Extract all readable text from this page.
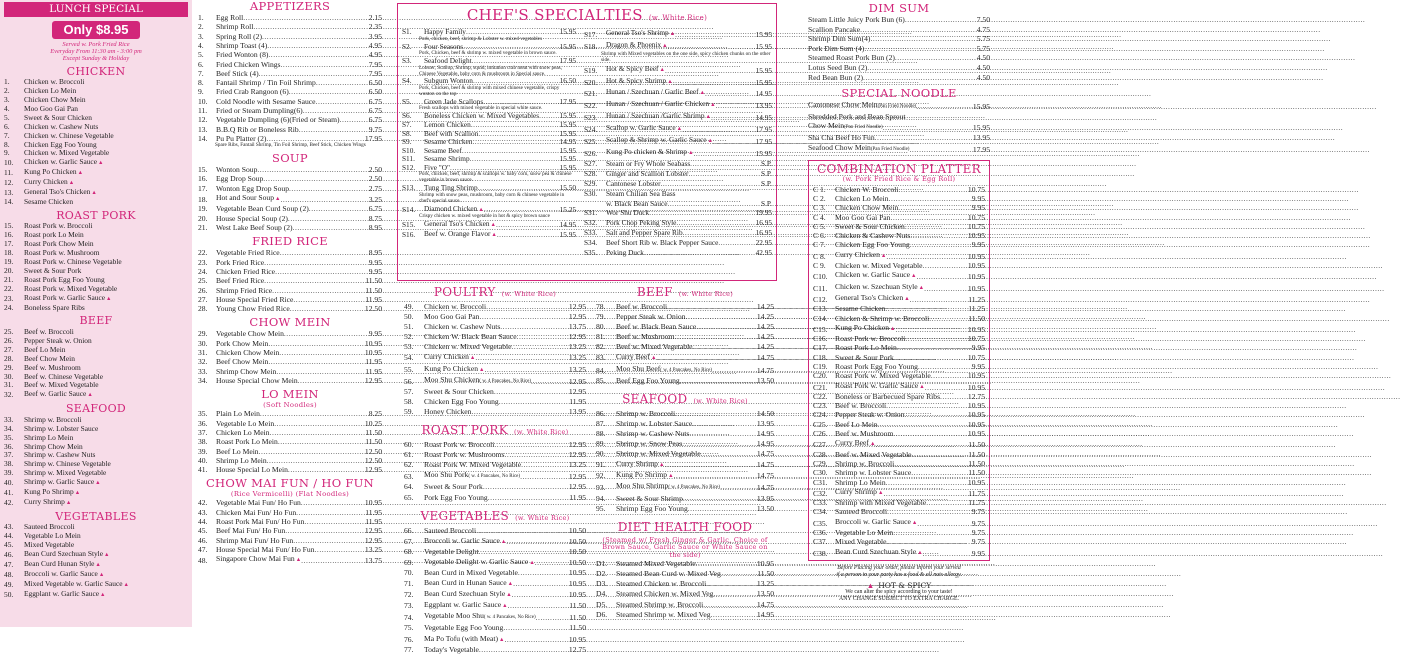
LUNCH SPECIAL
Only $8.95
Served w. Pork Fried Rice
Everyday From 11:30 am - 3:00 pm
Except Sunday & Holiday
CHICKEN
1.	Chicken w. Broccoli
2.	Chicken Lo Mein
3.	Chicken Chow Mein
4.	Moo Goo Gai Pan
5.	Sweet & Sour Chicken
6.	Chicken w. Cashew Nuts
7.	Chicken w. Chinese Vegetable
8.	Chicken Egg Foo Young
9.	Chicken w. Mixed Vegetable
10.	Chicken w. Garlic Sauce▲
11.	Kung Po Chicken▲
12.	Curry Chicken▲
13.	General Tso's Chicken▲
14.	Sesame Chicken
ROAST PORK
15.	Roast Pork w. Broccoli
16.	Roast pork Lo Mein
17.	Roast Pork Chow Mein
18.	Roast Pork w. Mushroom
19.	Roast Pork w. Chinese Vegetable
20.	Sweet & Sour Pork
21.	Roast Pork Egg Foo Young
22.	Roast Pork w. Mixed Vegetable
23.	Roast Pork w. Garlic Sauce▲
24.	Boneless Spare Ribs
BEEF
25.	Beef w. Broccoli
26.	Pepper Steak w. Onion
27.	Beef Lo Mein
28.	Beef Chow Mein
29.	Beef w. Mushroom
30.	Beef w. Chinese Vegetable
31.	Beef w. Mixed Vegetable
32.	Beef w. Garlic Sauce▲
SEAFOOD
33.	Shrimp w. Broccoli
34.	Shrimp w. Lobster Sauce
35.	Shrimp Lo Mein
36.	Shrimp Chow Mein
37.	Shrimp w. Cashew Nuts
38.	Shrimp w. Chinese Vegetable
39.	Shrimp w. Mixed Vegetable
40.	Shrimp w. Garlic Sauce▲
41.	Kung Po Shrimp▲
42.	Curry Shrimp▲
VEGETABLES
43.	Sauteed Broccoli
44.	Vegetable Lo Mein
45.	Mixed Vegetable
46.	Bean Curd Szechuan Style▲
47.	Bean Curd Hunan Style▲
48.	Broccoli w. Garlic Sauce▲
49.	Mixed Vegetable w. Garlic Sauce▲
50.	Eggplant w. Garlic Sauce▲
APPETIZERS
1.	Egg Roll .....	2.15
2.	Shrimp Roll .....	2.35
3.	Spring Roll (2) .....	3.95
4.	Shrimp Toast (4) .....	4.95
5.	Fried Wonton (8) .....	4.95
6.	Fried Chicken Wings .....	7.95
7.	Beef Stick (4) .....	7.95
8.	Fantail Shrimp / Tin Foil Shrimp .....	6.50
9.	Fried Crab Rangoon (6) .....	6.50
10.	Cold Noodle with Sesame Sauce .....	6.75
11.	Fried or Steam Dumpling(6) .....	6.75
12.	Vegetable Dumpling (6)(Fried or Steam) .....	6.75
13.	B.B.Q Rib or Boneless Rib .....	9.75
14.	Pu Pu Platter (2) .....	17.95
Spare Ribs, Fantail Shrimp, Tin Foil Shrimp, Beef Stick, Chicken Wings
SOUP
15.	Wonton Soup .....	2.50
16.	Egg Drop Soup .....	2.50
17.	Wonton Egg Drop Soup .....	2.75
18.	Hot and Sour Soup▲ .....	3.25
19.	Vegetable Bean Curd Soup (2) .....	6.75
20.	House Special Soup (2) .....	8.75
21.	West Lake Beef Soup (2) .....	8.95
FRIED RICE
22.	Vegetable Fried Rice .....	8.95
23.	Pork Fried Rice .....	9.95
24.	Chicken Fried Rice .....	9.95
25.	Beef Fried Rice .....	11.50
26.	Shrimp Fried Rice .....	11.50
27.	House Special Fried Rice .....	11.95
28.	Young Chow Fried Rice .....	12.50
CHOW MEIN
29.	Vegetable Chow Mein .....	9.95
30.	Pork Chow Mein .....	10.95
31.	Chicken Chow Mein .....	10.95
32.	Beef Chow Mein .....	11.95
33.	Shrimp Chow Mein .....	11.95
34.	House Special Chow Mein .....	12.95
LO MEIN
(Soft Noodles)
35.	Plain Lo Mein .....	8.25
36.	Vegetable Lo Mein .....	10.25
37.	Chicken Lo Mein .....	11.50
38.	Roast Pork Lo Mein .....	11.50
39.	Beef Lo Mein .....	12.50
40.	Shrimp Lo Mein .....	12.50
41.	House Special Lo Mein .....	12.95
CHOW MAI FUN / HO FUN
(Rice Vermicelli) (Flat Noodles)
42.	Vegetable Mai Fun/ Ho Fun .....	10.95
43.	Chicken Mai Fun/ Ho Fun .....	11.95
44.	Roast Pork Mai Fun/ Ho Fun .....	11.95
45.	Beef Mai Fun/ Ho Fun .....	12.95
46.	Shrimp Mai Fun/ Ho Fun .....	12.95
47.	House Special Mai Fun/ Ho Fun .....	13.25
48.	Singapore Chow Mai Fun▲ .....	13.75
CHEF'S SPECIALTIES (w. White Rice)
S1.	Happy Family .....	15.95
Pork, chicken, beef, shrimp & Lobster w. mixed vegetables
S2.	Four Seasons .....	15.95
Pork, Chicken, beef & shrimp w. mixed vegetable in brown sauce.
S3.	Seafood Delight .....	17.95
Lobster, Scallop, Shrimp, squid, imitation crab meat with snow peas, Chinese Vegetable, baby corn & mushroom in Special sauce.
S4.	Subgum Wonton .....	16.50
Pork, Chicken, beef & shrimp with mixed chinese vegetable, crispy wonton on the top
S5.	Green Jade Scallops .....	17.95
Fresh scallops with mixed vegetable in special white sauce.
S6.	Boneless Chicken w. Mixed Vegetables .....	15.95
S7.	Lemon Chicken .....	15.95
S8.	Beef with Scallion .....	15.95
S9.	Sesame Chicken .....	14.95
S10.	Sesame Beef .....	15.95
S11.	Sesame Shrimp .....	15.95
S12.	Five "O" .....	15.95
Pork, chicken, beef, shrimp & scallops w. baby corn, snow pea & chinese vegetable in brown sauce.
S13.	Tung Ting Shrimp .....	15.50
Shrimp with snow peas, mushroom, baby corn & chinese vegetable in chef's special sauce.
S14.	Diamond Chicken▲ .....	15.25
Crispy chicken w. mixed vegetable in hot & spicy brown sauce
S15.	General Tso's Chicken▲ .....	14.95
S16.	Beef w. Orange Flavor▲ .....	15.95
S17.	General Tso's Shrimp▲ .....	15.95
S18.	Dragon & Phoenix▲ .....	15.95
Shrimp with Mixed vegetables on the one side, spicy chicken chunks on the other side.
S19.	Hot & Spicy Beef▲ .....	15.95
S20.	Hot & Spicy Shrimp▲ .....	15.95
S21.	Hunan / Szechuan / Garlic Beef▲ .....	14.95
S22.	Hunan / Szechuan / Garlic Chicken▲ .....	13.95
S23.	Hunan / Szechuan /Garlic Shrimp▲ .....	14.95
S24.	Scallop w. Garlic Sauce▲ .....	17.95
S25.	Scallop & Shrimp w. Garlic Sauce▲ .....	17.95
S26.	Kung Po chicken & Shrimp▲ .....	15.95
S27.	Steam or Fry Whole Seabass .....	S.P.
S28.	Ginger and Scallion Lobster .....	S.P.
S29.	Cantonese Lobster .....	S.P.
S30.	Steam Chilian Sea Bass
w. Black Bean Sauce .....	S.P.
S31.	Wor Shu Duck .....	19.95
S32.	Pork Chop Peking Style .....	16.95
S33.	Salt and Pepper Spare Rib .....	16.95
S34.	Beef Short Rib w. Black Pepper Sauce .....	22.95
S35.	Peking Duck .....	42.95
POULTRY (w. White Rice)
49.	Chicken w. Broccoli .....	12.95
50.	Moo Goo Gai Pan .....	12.95
51.	Chicken w. Cashew Nuts .....	13.75
52.	Chicken W. Black Bean Sauce .....	12.95
53.	Chicken w. Mixed Vegetable .....	13.25
54.	Curry Chicken▲ .....	13.25
55.	Kung Po Chicken▲ .....	13.25
56.	Moo Shu Chicken( w. 4 Pancakes, No Rice) .....	12.95
57.	Sweet & Sour Chicken .....	12.95
58.	Chicken Egg Foo Young .....	11.95
59.	Honey Chicken .....	13.95
ROAST PORK (w. White Rice)
60.	Roast Pork w. Broccoli .....	12.95
61.	Roast Pork w. Mushrooms .....	12.95
62.	Roast Pork W. Mixed Vegetable .....	13.25
63.	Moo Shu Pork( w. 4 Pancakes, No Rice) .....	12.95
64.	Sweet & Sour Pork .....	12.95
65.	Pork Egg Foo Young .....	11.95
VEGETABLES (w. White Rice)
66.	Sauteed Broccoli .....	10.50
67.	Broccoli w. Garlic Sauce▲ .....	10.50
68.	Vegetable Delight .....	10.50
69.	Vegetable Delight w. Garlic Sauce▲ .....	10.50
70.	Bean Curd in Mixed Vegetable .....	10.95
71.	Bean Curd in Hunan Sauce▲ .....	10.95
72.	Bean Curd Szechuan Style▲ .....	10.95
73.	Eggplant w. Garlic Sauce▲ .....	11.50
74.	Vegetable Moo Shu( w. 4 Pancakes, No Rice) .....	11.50
75.	Vegetable Egg Foo Young .....	11.50
76.	Ma Po Tofu (with Meat)▲ .....	10.95
77.	Today's Vegetable .....	12.75
BEEF (w. White Rice)
78.	Beef w. Broccoli .....	14.25
79.	Pepper Steak w. Onion .....	14.25
80.	Beef w. Black Bean Sauce .....	14.25
81.	Beef w. Mushroom .....	14.25
82.	Beef w. Mixed Vegetable .....	14.25
83.	Curry Beef▲ .....	14.75
84.	Moo Shu Beef( w. 4 Pancakes, No Rice) .....	14.75
85.	Beef Egg Foo Young .....	13.50
SEAFOOD (w. White Rice)
86.	Shrimp w. Broccoli .....	14.50
87.	Shrimp w. Lobster Sauce .....	13.95
88.	Shrimp w. Cashew Nuts .....	14.95
89.	Shrimp w. Snow Peas .....	14.95
90.	Shrimp w. Mixed Vegetable .....	14.75
91.	Curry Shrimp▲ .....	14.75
92.	Kung Po Shrimp▲ .....	14.75
93.	Moo Shu Shrimp( w. 4 Pancakes, No Rice) .....	14.75
94.	Sweet & Sour Shrimp .....	13.95
95.	Shrimp Egg Foo Young .....	13.50
DIET HEALTH FOOD
(Steamed w/ Fresh Ginger & Garlic, Choice of
Brown Sauce, Garlic Sauce or White Sauce on the side)
D1.	Steamed Mixed Vegetable .....	10.95
D2.	Steamed Bean Curd w. Mixed Veg .....	11.50
D3.	Steamed Chicken w. Broccoli .....	13.25
D4.	Steamed Chicken w. Mixed Veg .....	13.50
D5.	Steamed Shrimp w. Broccoli .....	14.75
D6.	Steamed Shrimp w. Mixed Veg .....	14.95
DIM SUM
Steam Little Juicy Pork Bun (6) .....	7.50
Scallion Pancake .....	4.75
Shrimp Dim Sum(4) .....	5.75
Pork Dim Sum (4) .....	5.75
Steamed Roast Pork Bun (2) .....	4.50
Lotus Seed Bun (2) .....	4.50
Red Bean Bun (2) .....	4.50
SPECIAL NOODLE
Cantonese Chow Mein(Pan Fried Noodle) .....	15.95
Shredded Pork and Bean Sprout
Chow Mein(Pan Fried Noodle) .....	15.95
Sha Cha Beef Ho Fun .....	13.95
Seafood Chow Mein(Pan Fried Noodle) .....	17.95
COMBINATION PLATTER
(w. Pork Fried Rice & Egg Roll)
C 1.	Chicken W. Broccoli .....	10.75
C 2.	Chicken Lo Mein .....	9.95
C 3.	Chicken Chow Mein .....	9.95
C 4.	Moo Goo Gai Pan .....	10.75
C 5.	Sweet & Sour Chicken .....	10.75
C 6.	Chicken & Cashew Nuts .....	10.95
C 7.	Chicken Egg Foo Young .....	9.95
C 8.	Curry Chicken▲ .....	10.95
C 9.	Chicken w. Mixed Vegetable .....	10.95
C10. Chicken w. Garlic Sauce▲ .....	10.95
C11.	Chicken w. Szechuan Style▲ .....	10.95
C12. General Tso's Chicken▲ .....	11.25
C13. Sesame Chicken .....	11.25
C14. Chicken & Shrimp w. Broccoli .....	11.50
C15. Kung Po Chicken▲ .....	10.95
C16. Roast Pork w. Broccoli .....	10.75
C17. Roast Pork Lo Mein .....	9.95
C18. Sweet & Sour Pork .....	10.75
C19. Roast Pork Egg Foo Young .....	9.95
C20. Roast Pork w. Mixed Vegetable .....	10.95
C21. Roast Pork w. Garlic Sauce▲ .....	10.95
C22. Boneless or Barbecued Spare Ribs .....	12.75
C23. Beef w. Broccoli .....	10.95
C24. Pepper Steak w. Onion .....	10.95
C25. Beef Lo Mein .....	10.95
C26. Beef w. Mushroom .....	10.95
C27. Curry Beef▲ .....	11.50
C28. Beef w. Mixed Vegetable .....	11.50
C29. Shrimp w. Broccoli .....	11.50
C30. Shrimp w. Lobster Sauce .....	11.50
C31. Shrimp Lo Mein .....	10.95
C32. Curry Shrimp▲ .....	11.75
C33. Shrimp with Mixed Vegetable .....	11.75
C34. Sauteed Broccoli .....	9.75
C35. Broccoli w. Garlic Sauce▲ .....	9.75
C36. Vegetable Lo Mein .....	9.75
C37. Mixed Vegetable .....	9.75
C38. Bean Curd Szechuan Style▲ .....	9.95
Before Placing your order, please inform your served
if a person in your party has a food & all nuts allergy.
▲ HOT & SPICY
We can alter the spicy according to your taste!
ANY CHANGE SUBJECT TO EXTRA CHARGE.
